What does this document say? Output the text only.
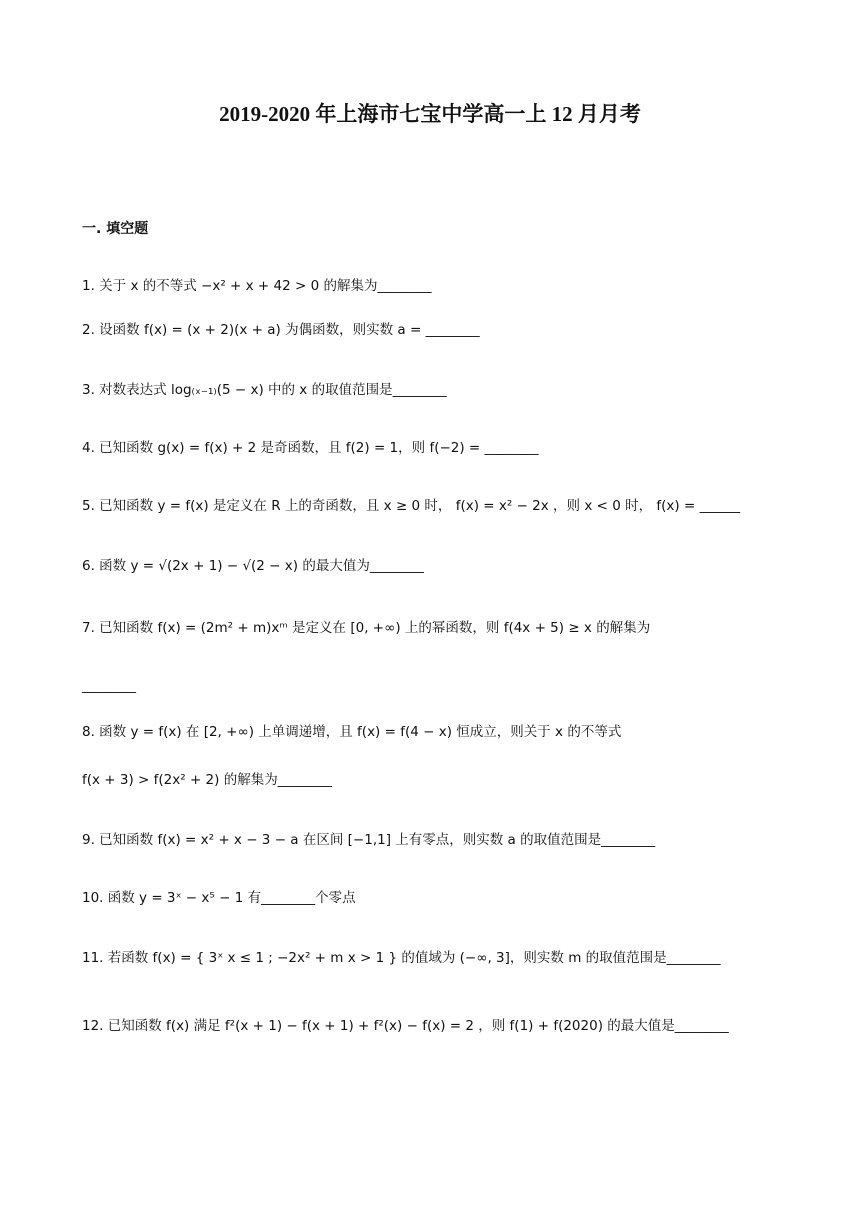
2019-2020 年上海市七宝中学高一上 12 月月考
一. 填空题
1. 关于 x 的不等式 −x² + x + 42 > 0 的解集为________
2. 设函数 f(x) = (x + 2)(x + a) 为偶函数，则实数 a = ________
3. 对数表达式 log₍ₓ₋₁₎(5 − x) 中的 x 的取值范围是________
4. 已知函数 g(x) = f(x) + 2 是奇函数，且 f(2) = 1，则 f(−2) = ________
5. 已知函数 y = f(x) 是定义在 R 上的奇函数，且 x ≥ 0 时， f(x) = x² − 2x ，则 x < 0 时， f(x) = ______
6. 函数 y = √(2x + 1) − √(2 − x) 的最大值为________
7. 已知函数 f(x) = (2m² + m)xᵐ 是定义在 [0, +∞) 上的幂函数，则 f(4x + 5) ≥ x 的解集为
________
8. 函数 y = f(x) 在 [2, +∞) 上单调递增，且 f(x) = f(4 − x) 恒成立，则关于 x 的不等式
f(x + 3) > f(2x² + 2) 的解集为________
9. 已知函数 f(x) = x² + x − 3 − a 在区间 [−1,1] 上有零点，则实数 a 的取值范围是________
10. 函数 y = 3ˣ − x⁵ − 1 有________个零点
11. 若函数 f(x) = { 3ˣ x ≤ 1 ; −2x² + m x > 1 } 的值域为 (−∞, 3]，则实数 m 的取值范围是________
12. 已知函数 f(x) 满足 f²(x + 1) − f(x + 1) + f²(x) − f(x) = 2 ，则 f(1) + f(2020) 的最大值是________
